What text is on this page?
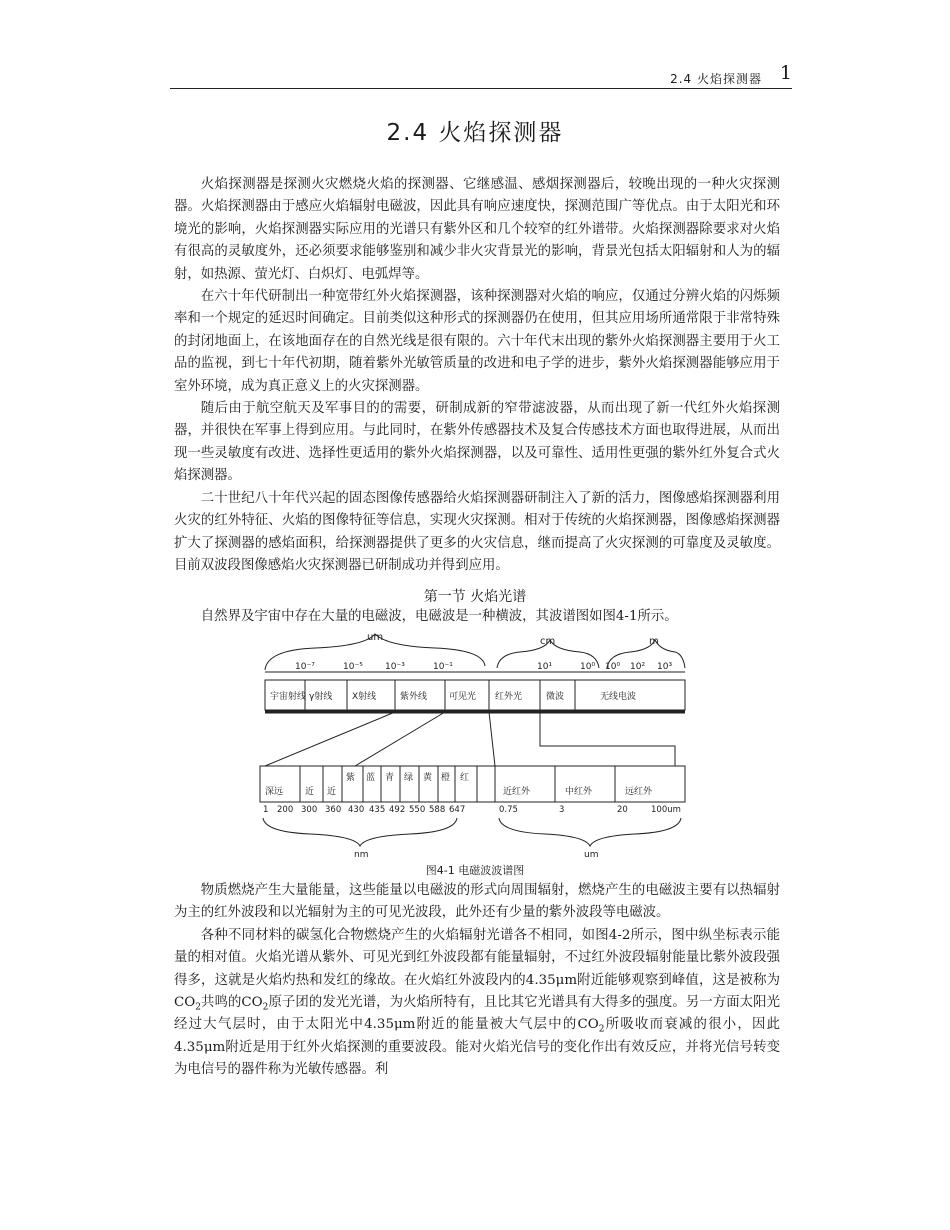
2.4 火焰探测器 1
2.4 火焰探测器

火焰探测器是探测火灾燃烧火焰的探测器、它继感温、感烟探测器后，较晚出现的一种火灾探测器。火焰探测器由于感应火焰辐射电磁波，因此具有响应速度快，探测范围广等优点。由于太阳光和环境光的影响，火焰探测器实际应用的光谱只有紫外区和几个较窄的红外谱带。火焰探测器除要求对火焰有很高的灵敏度外，还必须要求能够鉴别和减少非火灾背景光的影响，背景光包括太阳辐射和人为的辐射，如热源、萤光灯、白炽灯、电弧焊等。

在六十年代研制出一种宽带红外火焰探测器，该种探测器对火焰的响应，仅通过分辨火焰的闪烁频率和一个规定的延迟时间确定。目前类似这种形式的探测器仍在使用，但其应用场所通常限于非常特殊的封闭地面上，在该地面存在的自然光线是很有限的。六十年代末出现的紫外火焰探测器主要用于火工品的监视，到七十年代初期，随着紫外光敏管质量的改进和电子学的进步，紫外火焰探测器能够应用于室外环境，成为真正意义上的火灾探测器。

随后由于航空航天及军事目的的需要，研制成新的窄带滤波器，从而出现了新一代红外火焰探测器，并很快在军事上得到应用。与此同时，在紫外传感器技术及复合传感技术方面也取得进展，从而出现一些灵敏度有改进、选择性更适用的紫外火焰探测器，以及可靠性、适用性更强的紫外红外复合式火焰探测器。

二十世纪八十年代兴起的固态图像传感器给火焰探测器研制注入了新的活力，图像感焰探测器利用火灾的红外特征、火焰的图像特征等信息，实现火灾探测。相对于传统的火焰探测器，图像感焰探测器扩大了探测器的感焰面积，给探测器提供了更多的火灾信息，继而提高了火灾探测的可靠度及灵敏度。目前双波段图像感焰火灾探测器已研制成功并得到应用。

第一节 火焰光谱

自然界及宇宙中存在大量的电磁波，电磁波是一种横波，其波谱图如图4-1所示。

um	cm	m
10⁻⁷	10⁻⁵ 10⁻³	10⁻¹	10¹	10⁰ 10⁰ 10² 10³
宇宙射线 γ射线 X射线	紫外线 可见光 红外光	微波	无线电波
深远 近 近
紫 蓝 青 绿 黄 橙 红
近红外	中红外	远红外
1 200 300 360 430 435 492 550 588 647	0.75	3	20	100um
nm	um
图4-1 电磁波波谱图

物质燃烧产生大量能量，这些能量以电磁波的形式向周围辐射，燃烧产生的电磁波主要有以热辐射为主的红外波段和以光辐射为主的可见光波段，此外还有少量的紫外波段等电磁波。

各种不同材料的碳氢化合物燃烧产生的火焰辐射光谱各不相同，如图4-2所示，图中纵坐标表示能量的相对值。火焰光谱从紫外、可见光到红外波段都有能量辐射，不过红外波段辐射能量比紫外波段强得多，这就是火焰灼热和发红的缘故。在火焰红外波段内的4.35μm附近能够观察到峰值，这是被称为$CO_2$共鸣的$CO_2$原子团的发光光谱，为火焰所特有，且比其它光谱具有大得多的强度。另一方面太阳光经过大气层时，由于太阳光中4.35μm附近的能量被大气层中的$CO_2$所吸收而衰减的很小，因此4.35μm附近是用于红外火焰探测的重要波段。能对火焰光信号的变化作出有效反应，并将光信号转变为电信号的器件称为光敏传感器。利
